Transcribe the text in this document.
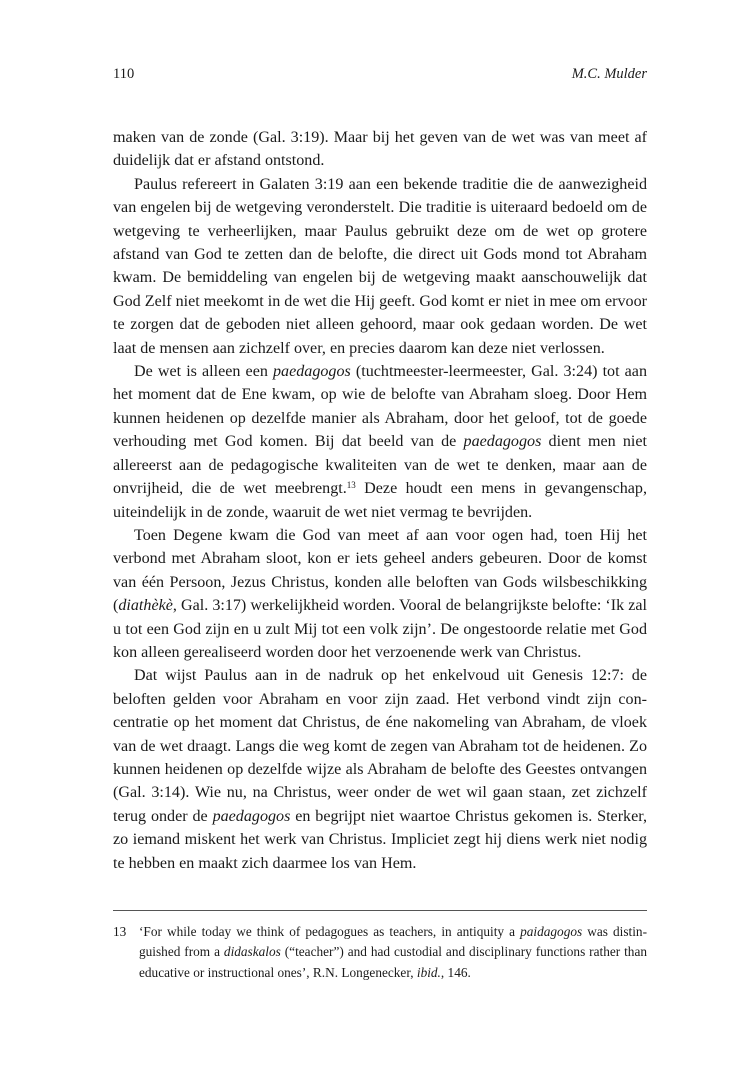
110	M.C. Mulder

maken van de zonde (Gal. 3:19). Maar bij het geven van de wet was van meet af duidelijk dat er afstand ontstond.

Paulus refereert in Galaten 3:19 aan een bekende traditie die de aanwezigheid van engelen bij de wetgeving veronderstelt. Die traditie is uiteraard bedoeld om de wetgeving te verheerlijken, maar Paulus gebruikt deze om de wet op grotere afstand van God te zetten dan de belofte, die direct uit Gods mond tot Abraham kwam. De bemiddeling van engelen bij de wetgeving maakt aanschouwelijk dat God Zelf niet meekomt in de wet die Hij geeft. God komt er niet in mee om ervoor te zorgen dat de geboden niet alleen gehoord, maar ook gedaan worden. De wet laat de mensen aan zichzelf over, en precies daarom kan deze niet verlossen.

De wet is alleen een paedagogos (tuchtmeester-leermeester, Gal. 3:24) tot aan het moment dat de Ene kwam, op wie de belofte van Abraham sloeg. Door Hem kunnen heidenen op dezelfde manier als Abraham, door het geloof, tot de goede verhouding met God komen. Bij dat beeld van de paedagogos dient men niet allereerst aan de pedagogische kwaliteiten van de wet te denken, maar aan de onvrijheid, die de wet meebrengt.$^{13}$ Deze houdt een mens in gevangenschap, uiteindelijk in de zonde, waaruit de wet niet vermag te bevrijden.

Toen Degene kwam die God van meet af aan voor ogen had, toen Hij het verbond met Abraham sloot, kon er iets geheel anders gebeuren. Door de komst van één Persoon, Jezus Christus, konden alle beloften van Gods wilsbeschikking (diathèkè, Gal. 3:17) werkelijkheid worden. Vooral de belangrijkste belofte: ‘Ik zal u tot een God zijn en u zult Mij tot een volk zijn’. De ongestoorde relatie met God kon alleen gerealiseerd worden door het verzoenende werk van Christus.

Dat wijst Paulus aan in de nadruk op het enkelvoud uit Genesis 12:7: de beloften gelden voor Abraham en voor zijn zaad. Het verbond vindt zijn concentratie op het moment dat Christus, de éne nakomeling van Abraham, de vloek van de wet draagt. Langs die weg komt de zegen van Abraham tot de heidenen. Zo kunnen heidenen op dezelfde wijze als Abraham de belofte des Geestes ontvangen (Gal. 3:14). Wie nu, na Christus, weer onder de wet wil gaan staan, zet zichzelf terug onder de paedagogos en begrijpt niet waartoe Christus gekomen is. Sterker, zo iemand miskent het werk van Christus. Impliciet zegt hij diens werk niet nodig te hebben en maakt zich daarmee los van Hem.

13 ‘For while today we think of pedagogues as teachers, in antiquity a paidagogos was distinguished from a didaskalos (“teacher”) and had custodial and disciplinary functions rather than educative or instructional ones’, R.N. Longenecker, ibid., 146.
